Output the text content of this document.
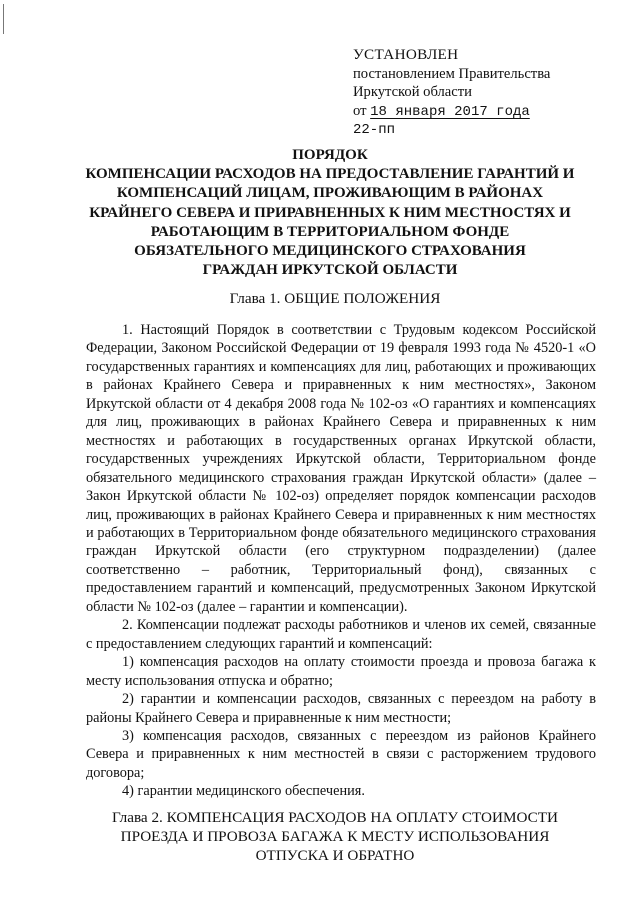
УСТАНОВЛЕН
постановлением Правительства
Иркутской области
от 18 января 2017 года
22-пп
ПОРЯДОК
КОМПЕНСАЦИИ РАСХОДОВ НА ПРЕДОСТАВЛЕНИЕ ГАРАНТИЙ И
КОМПЕНСАЦИЙ ЛИЦАМ, ПРОЖИВАЮЩИМ В РАЙОНАХ
КРАЙНЕГО СЕВЕРА И ПРИРАВНЕННЫХ К НИМ МЕСТНОСТЯХ И
РАБОТАЮЩИМ В ТЕРРИТОРИАЛЬНОМ ФОНДЕ
ОБЯЗАТЕЛЬНОГО МЕДИЦИНСКОГО СТРАХОВАНИЯ
ГРАЖДАН ИРКУТСКОЙ ОБЛАСТИ
Глава 1. ОБЩИЕ ПОЛОЖЕНИЯ

1. Настоящий Порядок в соответствии с Трудовым кодексом Российской Федерации, Законом Российской Федерации от 19 февраля 1993 года № 4520-1 «О государственных гарантиях и компенсациях для лиц, работающих и проживающих в районах Крайнего Севера и приравненных к ним местностях», Законом Иркутской области от 4 декабря 2008 года № 102-оз «О гарантиях и компенсациях для лиц, проживающих в районах Крайнего Севера и приравненных к ним местностях и работающих в государственных органах Иркутской области, государственных учреждениях Иркутской области, Территориальном фонде обязательного медицинского страхования граждан Иркутской области» (далее – Закон Иркутской области № 102-оз) определяет порядок компенсации расходов лиц, проживающих в районах Крайнего Севера и приравненных к ним местностях и работающих в Территориальном фонде обязательного медицинского страхования граждан Иркутской области (его структурном подразделении) (далее соответственно – работник, Территориальный фонд), связанных с предоставлением гарантий и компенсаций, предусмотренных Законом Иркутской области № 102-оз (далее – гарантии и компенсации).

2. Компенсации подлежат расходы работников и членов их семей, связанные с предоставлением следующих гарантий и компенсаций:

1) компенсация расходов на оплату стоимости проезда и провоза багажа к месту использования отпуска и обратно;

2) гарантии и компенсации расходов, связанных с переездом на работу в районы Крайнего Севера и приравненные к ним местности;

3) компенсация расходов, связанных с переездом из районов Крайнего Севера и приравненных к ним местностей в связи с расторжением трудового договора;

4) гарантии медицинского обеспечения.

Глава 2. КОМПЕНСАЦИЯ РАСХОДОВ НА ОПЛАТУ СТОИМОСТИ
ПРОЕЗДА И ПРОВОЗА БАГАЖА К МЕСТУ ИСПОЛЬЗОВАНИЯ
ОТПУСКА И ОБРАТНО
